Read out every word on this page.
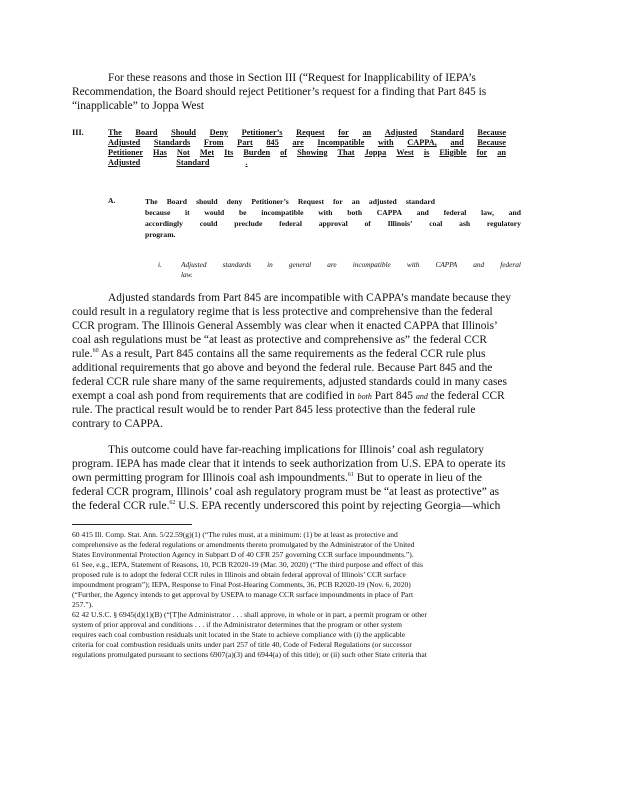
For these reasons and those in Section III (“Request for Inapplicability of IEPA’s

Recommendation, the Board should reject Petitioner’s request for a finding that Part 845 is

“inapplicable” to Joppa West

III.	The Board Should Deny Petitioner’s Request for an Adjusted Standard Because
Adjusted Standards From Part 845 are Incompatible with CAPPA, and Because
Petitioner Has Not Met Its Burden of Showing That Joppa West is Eligible for an
Adjusted	Standard	.
A.	The Board should deny Petitioner’s Request for an adjusted standard
because it would be incompatible with both CAPPA and federal law, and
accordingly could preclude federal approval of Illinois’ coal ash regulatory
program.
i.	Adjusted standards in general are incompatible with CAPPA and federal
law.

Adjusted standards from Part 845 are incompatible with CAPPA’s mandate because they

could result in a regulatory regime that is less protective and comprehensive than the federal

CCR program. The Illinois General Assembly was clear when it enacted CAPPA that Illinois’

coal ash regulations must be “at least as protective and comprehensive as” the federal CCR

rule.$^{60}$ As a result, Part 845 contains all the same requirements as the federal CCR rule plus

additional requirements that go above and beyond the federal rule. Because Part 845 and the

federal CCR rule share many of the same requirements, adjusted standards could in many cases

exempt a coal ash pond from requirements that are codified in both Part 845 and the federal CCR

rule. The practical result would be to render Part 845 less protective than the federal rule

contrary to CAPPA.

This outcome could have far-reaching implications for Illinois’ coal ash regulatory

program. IEPA has made clear that it intends to seek authorization from U.S. EPA to operate its

own permitting program for Illinois coal ash impoundments.$^{61}$ But to operate in lieu of the

federal CCR program, Illinois’ coal ash regulatory program must be “at least as protective” as

the federal CCR rule.$^{62}$ U.S. EPA recently underscored this point by rejecting Georgia—which

60 415 Ill. Comp. Stat. Ann. 5/22.59(g)(1) (“The rules must, at a minimum: (1) be at least as protective and
comprehensive as the federal regulations or amendments thereto promulgated by the Administrator of the United
States Environmental Protection Agency in Subpart D of 40 CFR 257 governing CCR surface impoundments.”).
61 See, e.g., IEPA, Statement of Reasons, 10, PCB R2020-19 (Mar. 30, 2020) (“The third purpose and effect of this
proposed rule is to adopt the federal CCR rules in Illinois and obtain federal approval of Illinois’ CCR surface
impoundment program”); IEPA, Response to Final Post-Hearing Comments, 36, PCB R2020-19 (Nov. 6, 2020)
(“Further, the Agency intends to get approval by USEPA to manage CCR surface impoundments in place of Part
257.”).
62 42 U.S.C. § 6945(d)(1)(B) (“[T]he Administrator . . . shall approve, in whole or in part, a permit program or other
system of prior approval and conditions . . . if the Administrator determines that the program or other system
requires each coal combustion residuals unit located in the State to achieve compliance with (i) the applicable
criteria for coal combustion residuals units under part 257 of title 40, Code of Federal Regulations (or successor
regulations promulgated pursuant to sections 6907(a)(3) and 6944(a) of this title); or (ii) such other State criteria that
